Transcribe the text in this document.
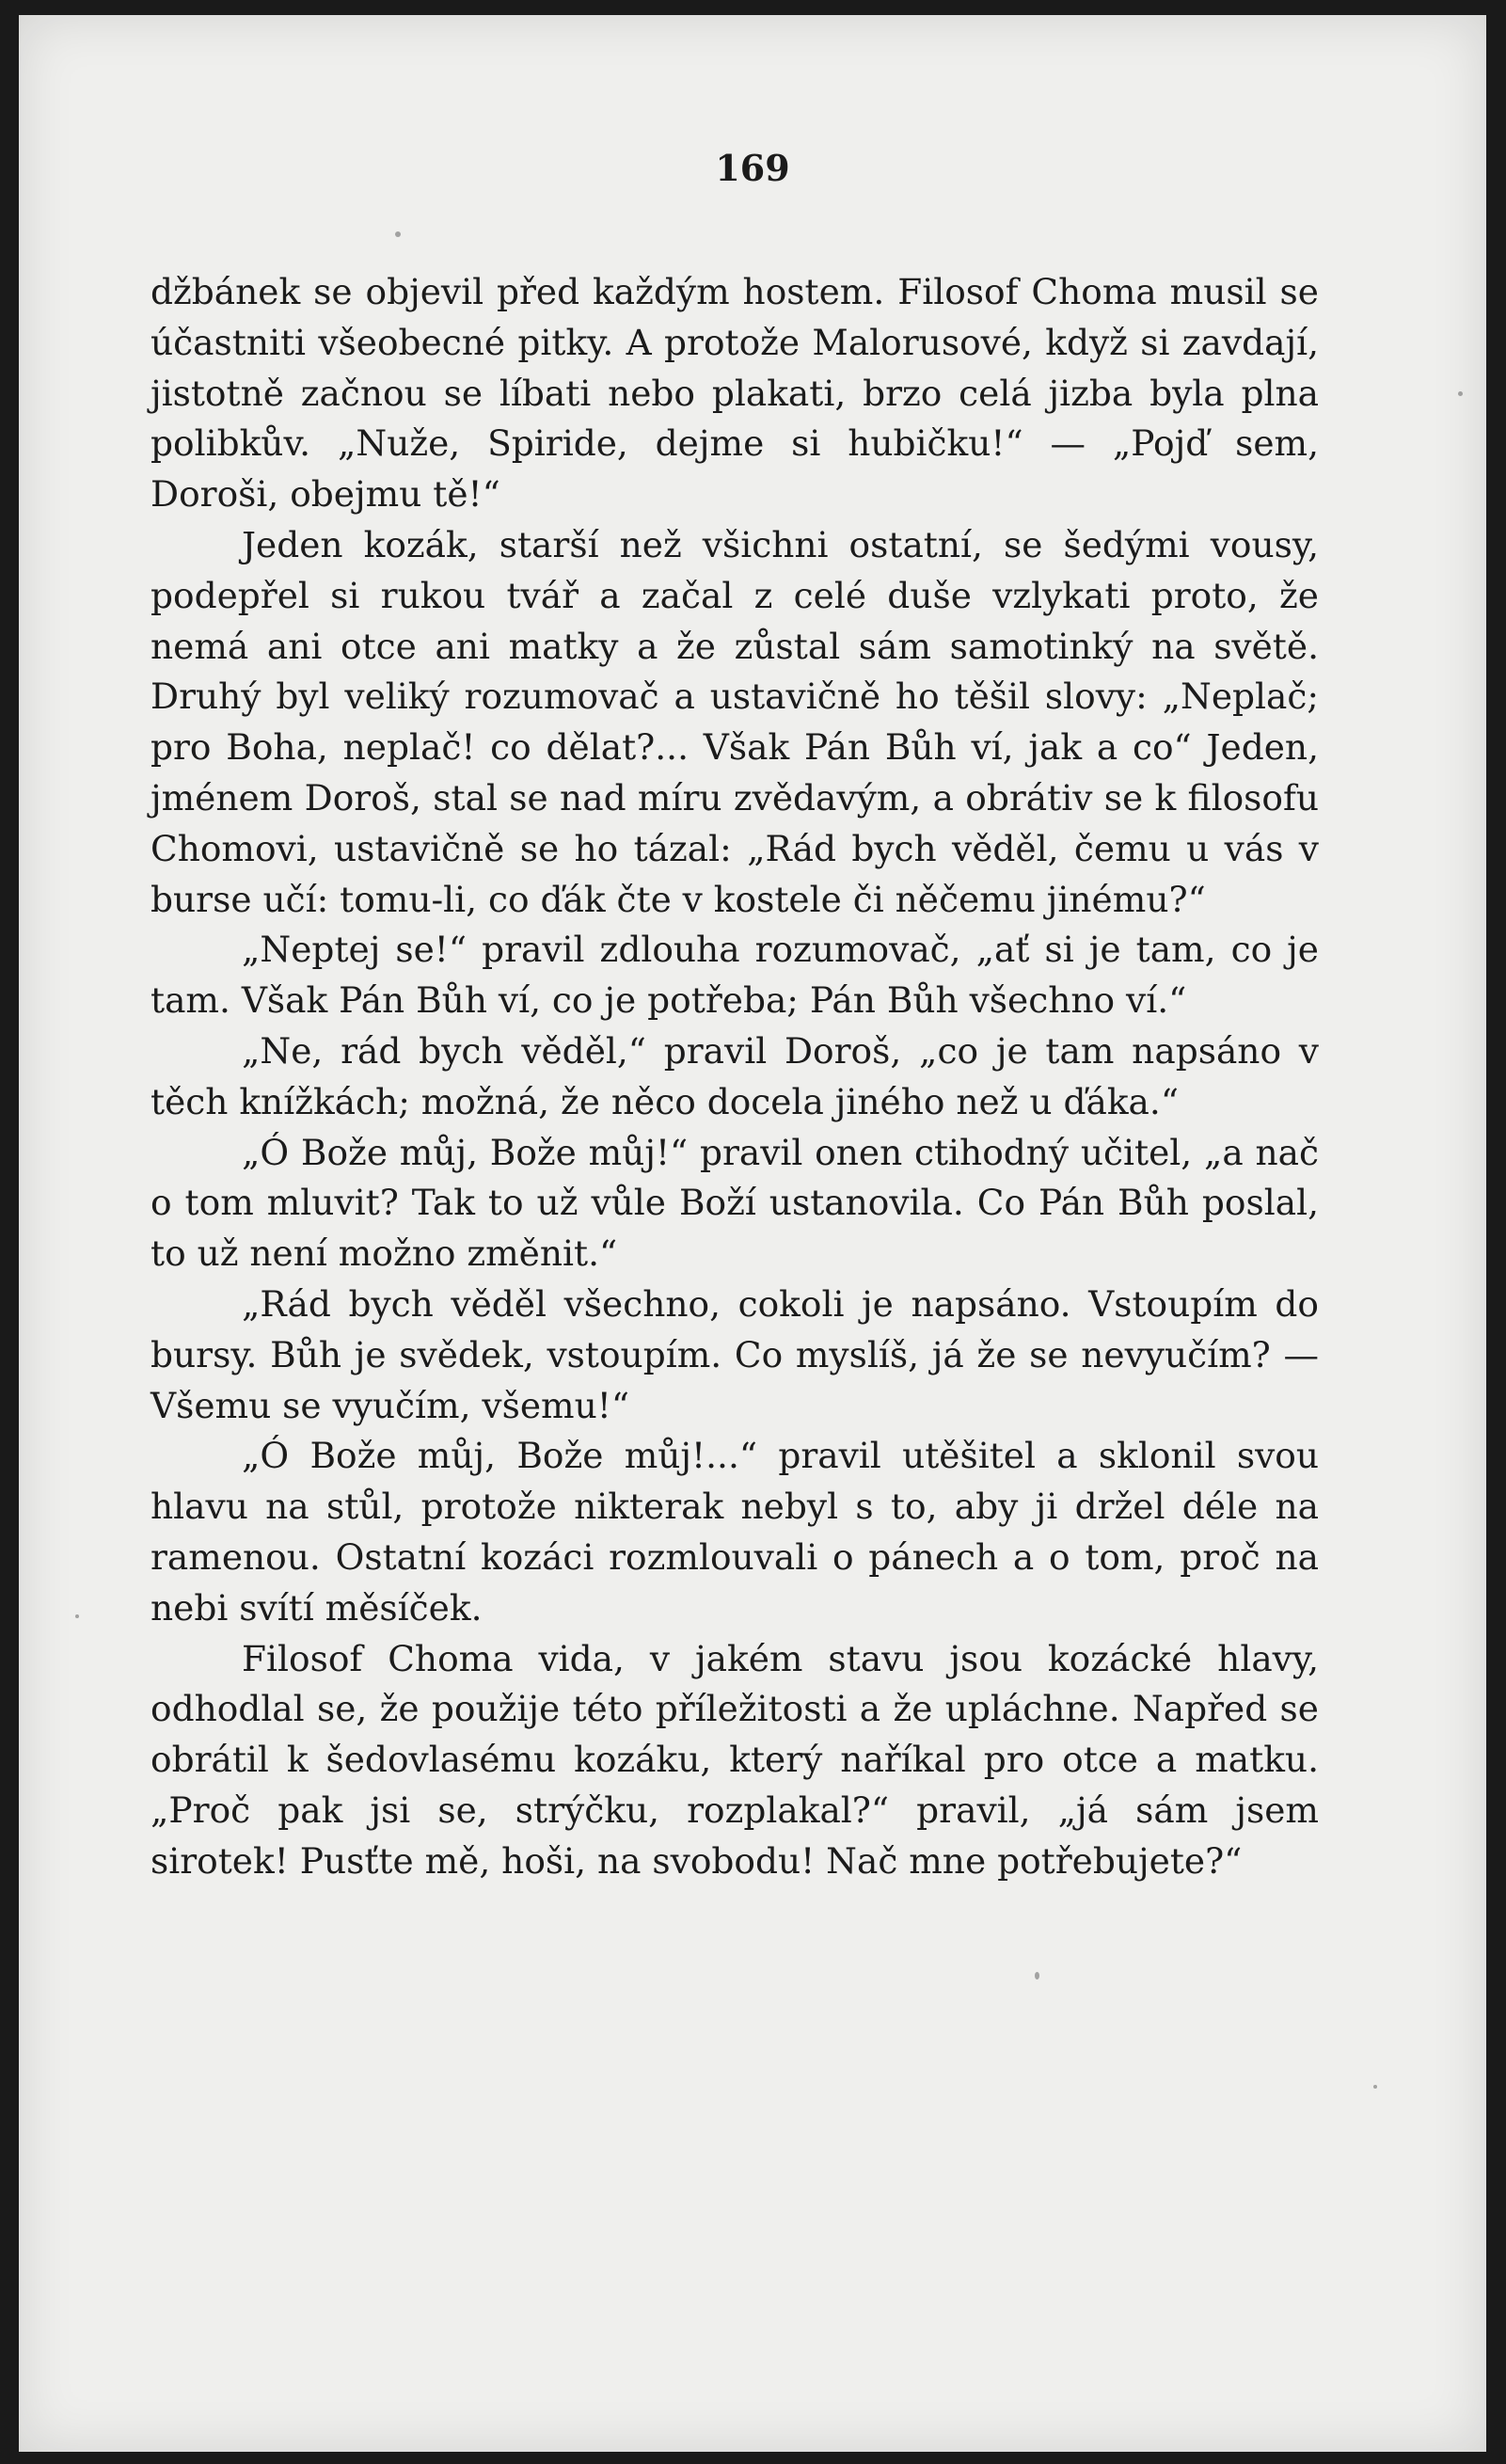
169

džbánek se objevil před každým hostem. Filosof Choma musil se účastniti všeobecné pitky. A protože Malorusové, když si zavdají, jistotně začnou se líbati nebo plakati, brzo celá jizba byla plna polibkův. „Nuže, Spiride, dejme si hubičku!“ — „Pojď sem, Doroši, obejmu tě!“

Jeden kozák, starší než všichni ostatní, se šedými vousy, podepřel si rukou tvář a začal z celé duše vzlykati proto, že nemá ani otce ani matky a že zůstal sám samotinký na světě. Druhý byl veliký rozumovač a ustavičně ho těšil slovy: „Neplač; pro Boha, neplač! co dělat?... Však Pán Bůh ví, jak a co“ Jeden, jménem Doroš, stal se nad míru zvědavým, a obrátiv se k filosofu Chomovi, ustavičně se ho tázal: „Rád bych věděl, čemu u vás v burse učí: tomu-li, co ďák čte v kostele či něčemu jinému?“

„Neptej se!“ pravil zdlouha rozumovač, „ať si je tam, co je tam. Však Pán Bůh ví, co je potřeba; Pán Bůh všechno ví.“

„Ne, rád bych věděl,“ pravil Doroš, „co je tam napsáno v těch knížkách; možná, že něco docela jiného než u ďáka.“

„Ó Bože můj, Bože můj!“ pravil onen ctihodný učitel, „a nač o tom mluvit? Tak to už vůle Boží ustanovila. Co Pán Bůh poslal, to už není možno změnit.“

„Rád bych věděl všechno, cokoli je napsáno. Vstoupím do bursy. Bůh je svědek, vstoupím. Co myslíš, já že se nevyučím? — Všemu se vyučím, všemu!“

„Ó Bože můj, Bože můj!...“ pravil utěšitel a sklonil svou hlavu na stůl, protože nikterak nebyl s to, aby ji držel déle na ramenou. Ostatní kozáci rozmlouvali o pánech a o tom, proč na nebi svítí měsíček.

Filosof Choma vida, v jakém stavu jsou kozácké hlavy, odhodlal se, že použije této příležitosti a že upláchne. Napřed se obrátil k šedovlasému kozáku, který naříkal pro otce a matku. „Proč pak jsi se, strýčku, rozplakal?“ pravil, „já sám jsem sirotek! Pusťte mě, hoši, na svobodu! Nač mne potřebujete?“
